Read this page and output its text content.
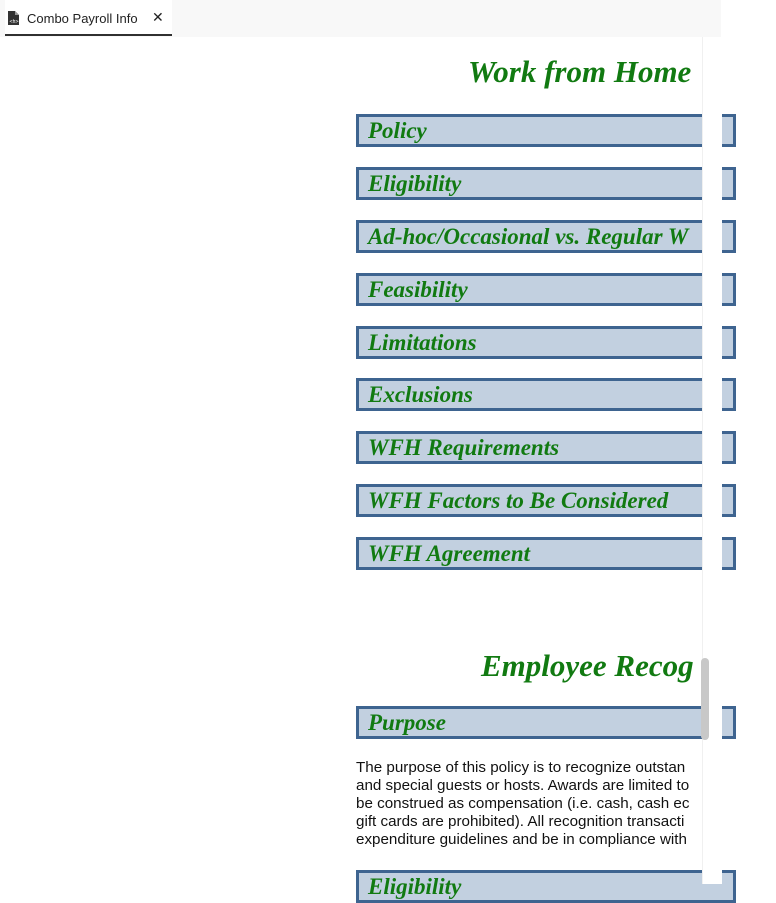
<h> Combo Payroll Info ✕
Work from Home
Policy
Eligibility
Ad-hoc/Occasional vs. Regular W
Feasibility
Limitations
Exclusions
WFH Requirements
WFH Factors to Be Considered
WFH Agreement
Employee Recog
Purpose
The purpose of this policy is to recognize outstan
and special guests or hosts. Awards are limited to
be construed as compensation (i.e. cash, cash ec
gift cards are prohibited). All recognition transacti
expenditure guidelines and be in compliance with
Eligibility
